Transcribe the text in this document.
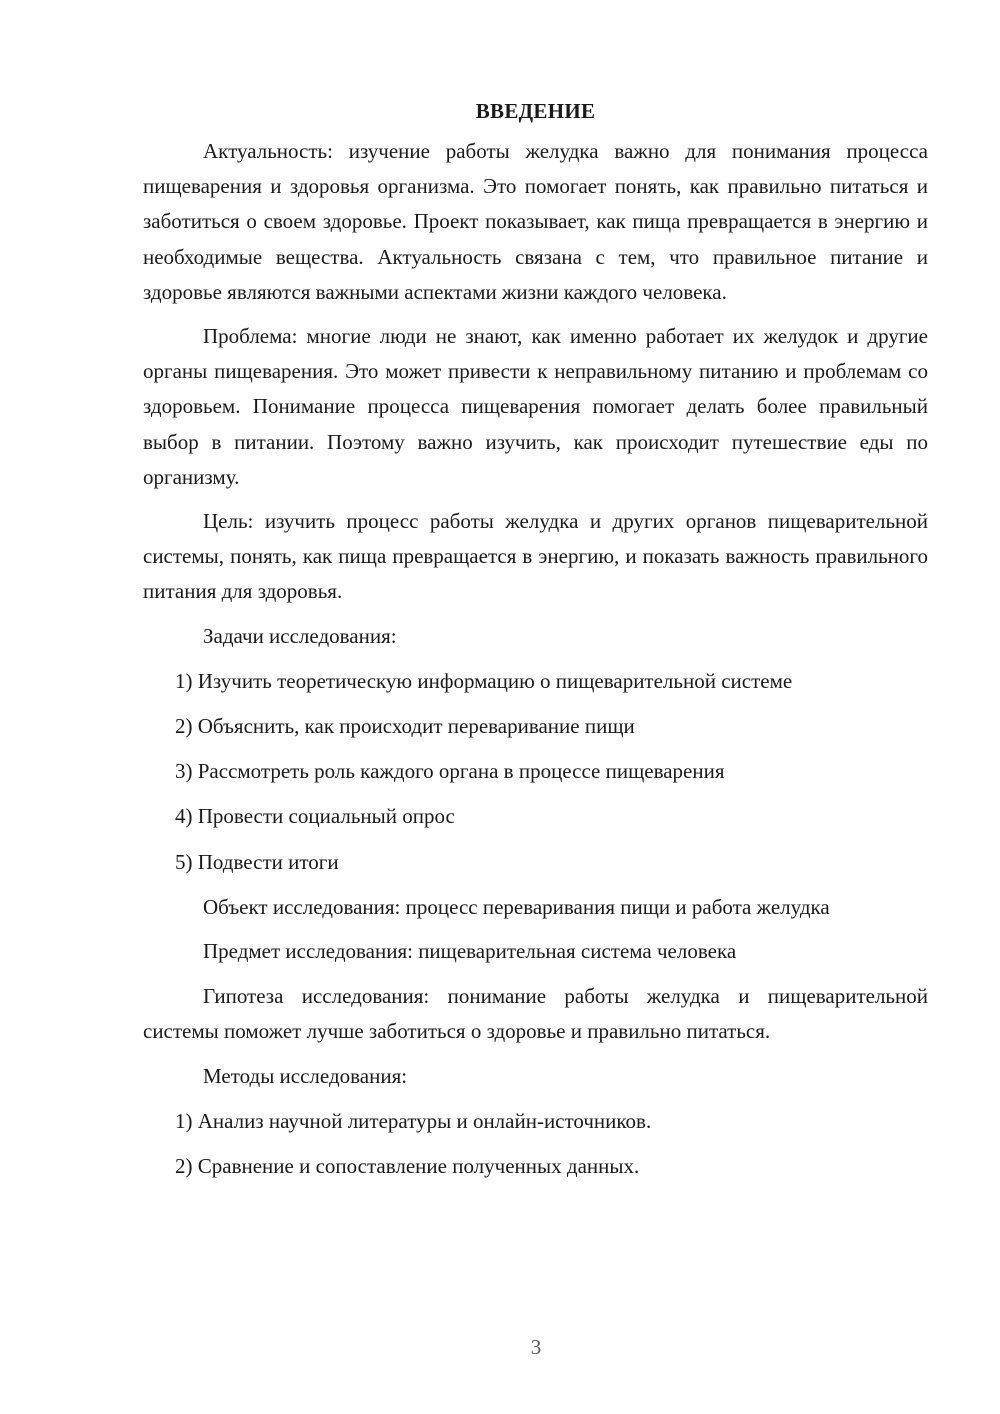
ВВЕДЕНИЕ

Актуальность: изучение работы желудка важно для понимания процесса пищеварения и здоровья организма. Это помогает понять, как правильно питаться и заботиться о своем здоровье. Проект показывает, как пища превращается в энергию и необходимые вещества. Актуальность связана с тем, что правильное питание и здоровье являются важными аспектами жизни каждого человека.

Проблема: многие люди не знают, как именно работает их желудок и другие органы пищеварения. Это может привести к неправильному питанию и проблемам со здоровьем. Понимание процесса пищеварения помогает делать более правильный выбор в питании. Поэтому важно изучить, как происходит путешествие еды по организму.

Цель: изучить процесс работы желудка и других органов пищеварительной системы, понять, как пища превращается в энергию, и показать важность правильного питания для здоровья.

Задачи исследования:
1) Изучить теоретическую информацию о пищеварительной системе
2) Объяснить, как происходит переваривание пищи
3) Рассмотреть роль каждого органа в процессе пищеварения
4) Провести социальный опрос
5) Подвести итоги

Объект исследования: процесс переваривания пищи и работа желудка

Предмет исследования: пищеварительная система человека

Гипотеза исследования: понимание работы желудка и пищеварительной системы поможет лучше заботиться о здоровье и правильно питаться.

Методы исследования:
1) Анализ научной литературы и онлайн-источников.
2) Сравнение и сопоставление полученных данных.
3
